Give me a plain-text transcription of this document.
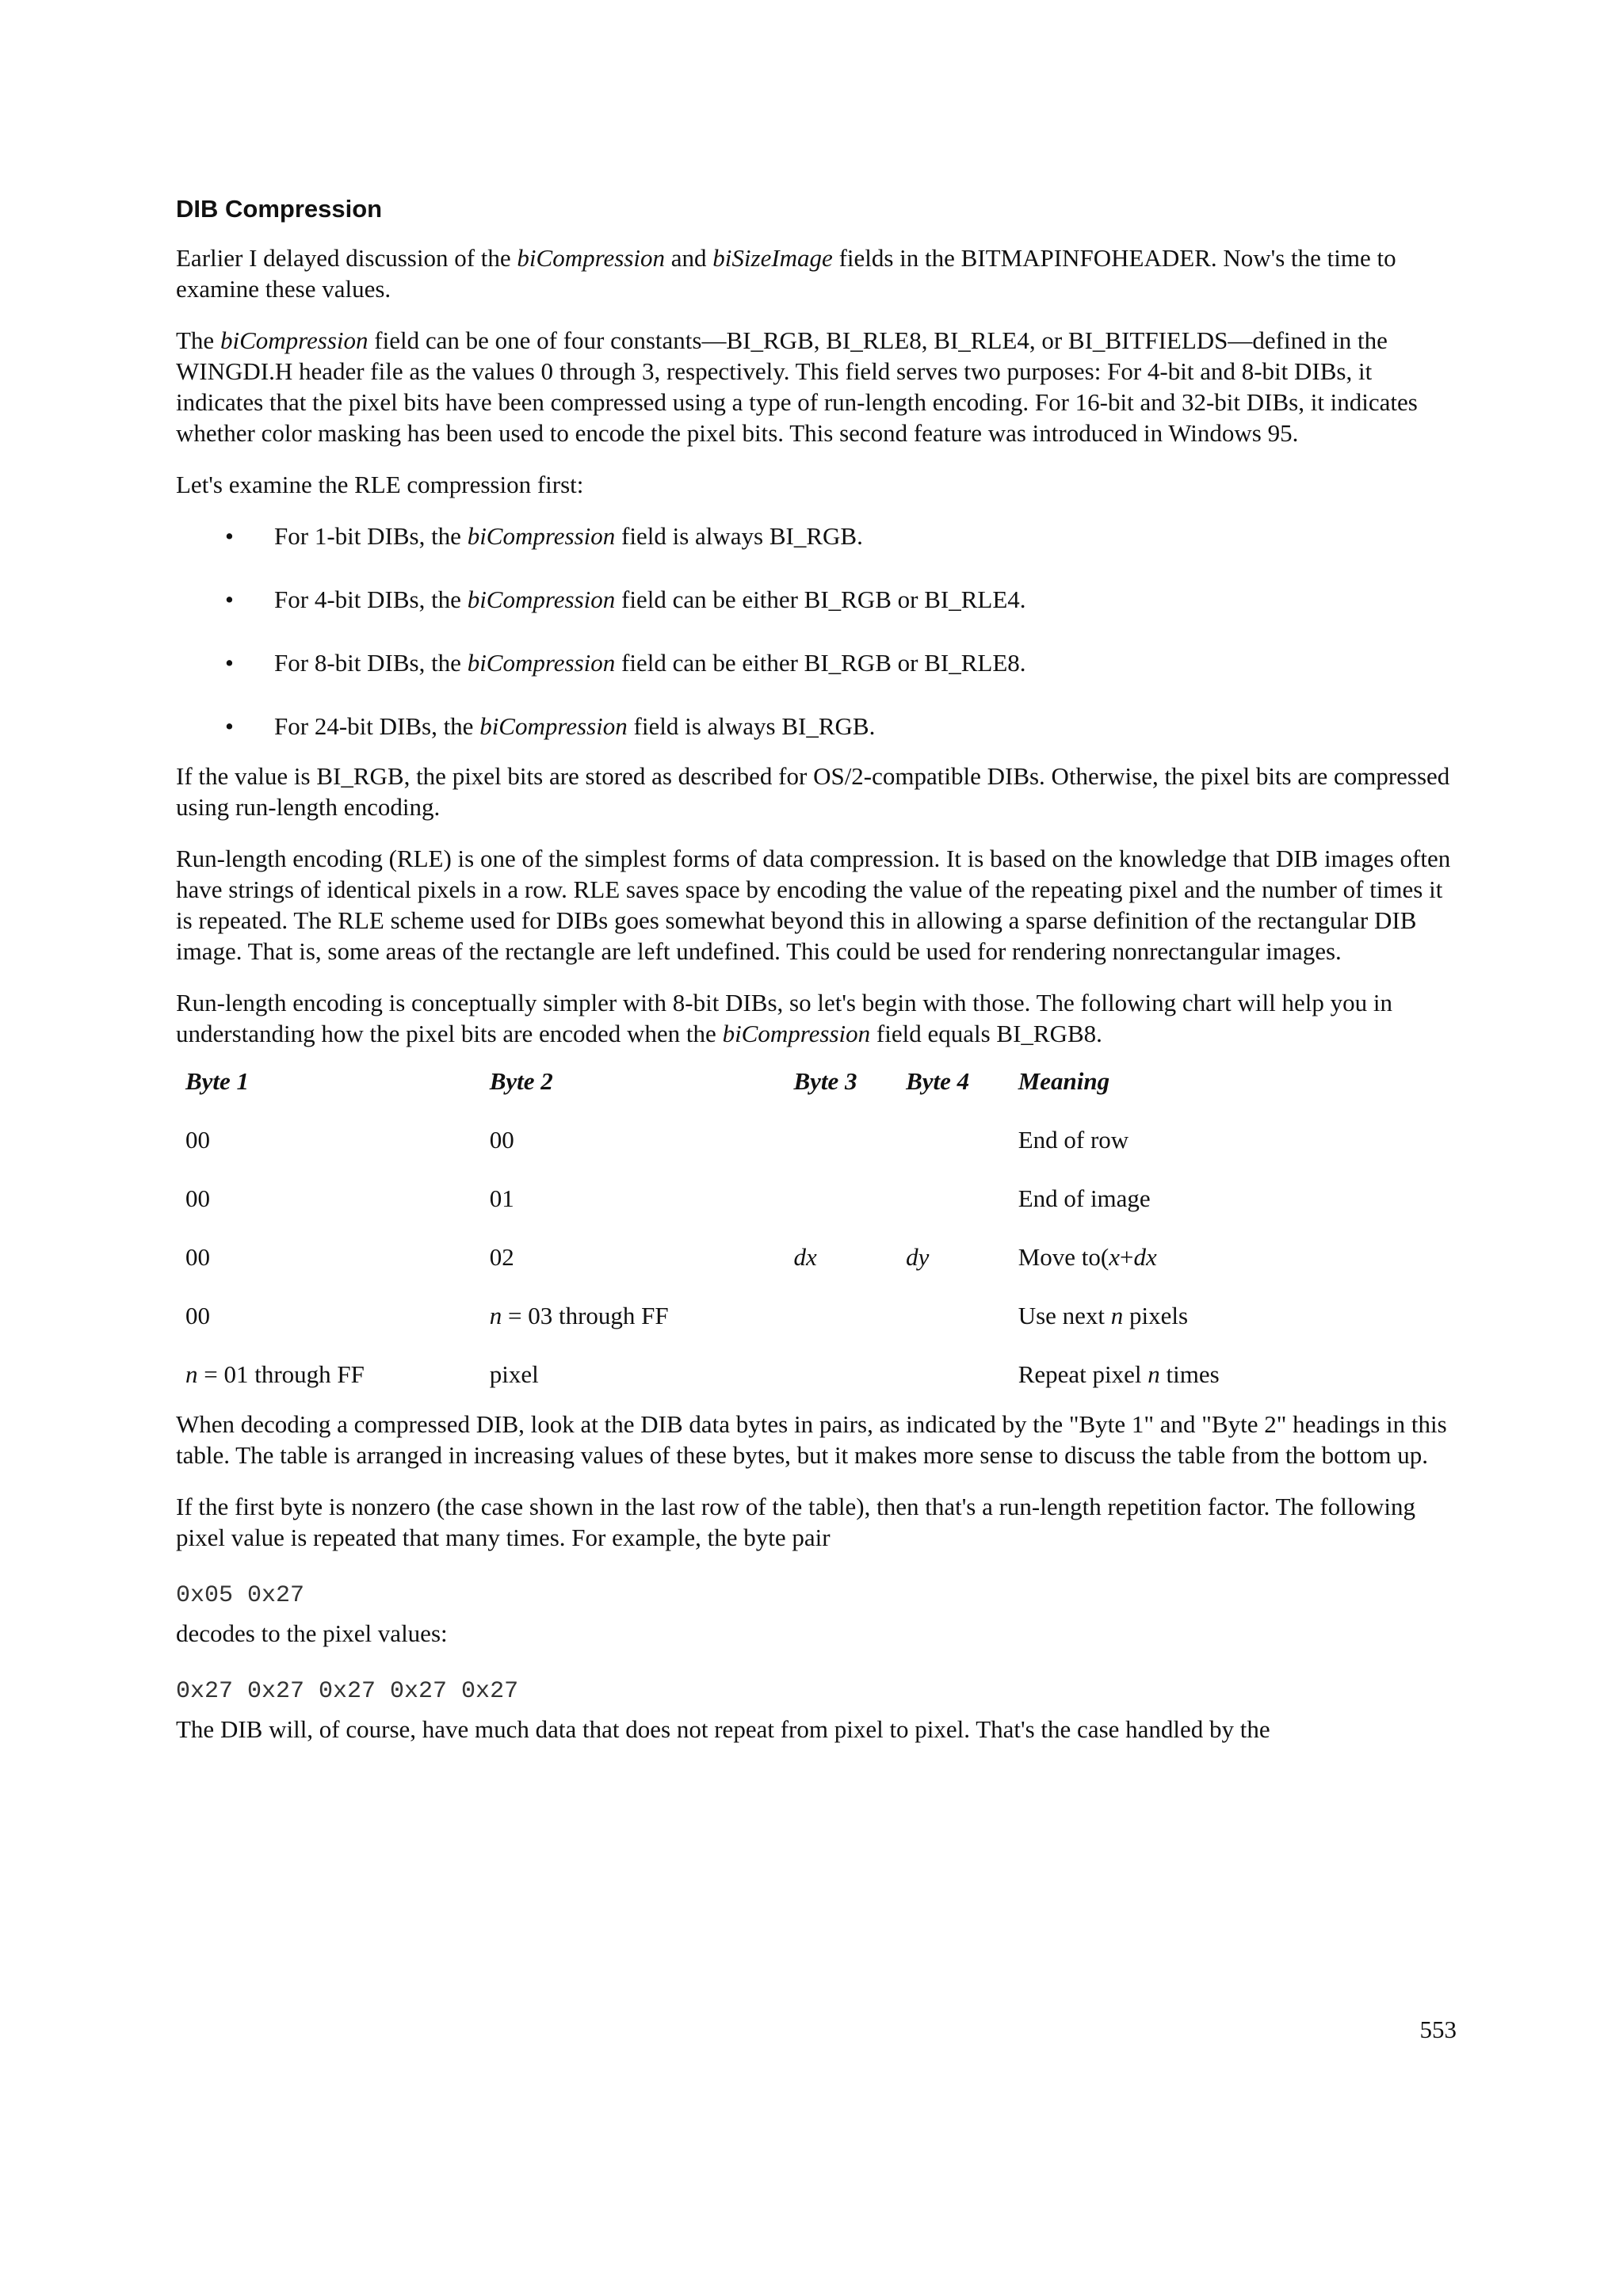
DIB Compression

Earlier I delayed discussion of the biCompression and biSizeImage fields in the BITMAPINFOHEADER. Now's the time to examine these values.

The biCompression field can be one of four constants—BI_RGB, BI_RLE8, BI_RLE4, or BI_BITFIELDS—defined in the WINGDI.H header file as the values 0 through 3, respectively. This field serves two purposes: For 4-bit and 8-bit DIBs, it indicates that the pixel bits have been compressed using a type of run-length encoding. For 16-bit and 32-bit DIBs, it indicates whether color masking has been used to encode the pixel bits. This second feature was introduced in Windows 95.

Let's examine the RLE compression first:

• For 1-bit DIBs, the biCompression field is always BI_RGB.
• For 4-bit DIBs, the biCompression field can be either BI_RGB or BI_RLE4.
• For 8-bit DIBs, the biCompression field can be either BI_RGB or BI_RLE8.
• For 24-bit DIBs, the biCompression field is always BI_RGB.

If the value is BI_RGB, the pixel bits are stored as described for OS/2-compatible DIBs. Otherwise, the pixel bits are compressed using run-length encoding.

Run-length encoding (RLE) is one of the simplest forms of data compression. It is based on the knowledge that DIB images often have strings of identical pixels in a row. RLE saves space by encoding the value of the repeating pixel and the number of times it is repeated. The RLE scheme used for DIBs goes somewhat beyond this in allowing a sparse definition of the rectangular DIB image. That is, some areas of the rectangle are left undefined. This could be used for rendering nonrectangular images.

Run-length encoding is conceptually simpler with 8-bit DIBs, so let's begin with those. The following chart will help you in understanding how the pixel bits are encoded when the biCompression field equals BI_RGB8.

Byte 1	Byte 2	Byte 3	Byte 4	Meaning
00	00			End of row
00	01			End of image
00	02	dx	dy	Move to(x+dx
00	n = 03 through FF			Use next n pixels
n = 01 through FF	pixel			Repeat pixel n times

When decoding a compressed DIB, look at the DIB data bytes in pairs, as indicated by the "Byte 1" and "Byte 2" headings in this table. The table is arranged in increasing values of these bytes, but it makes more sense to discuss the table from the bottom up.

If the first byte is nonzero (the case shown in the last row of the table), then that's a run-length repetition factor. The following pixel value is repeated that many times. For example, the byte pair

0x05 0x27

decodes to the pixel values:

0x27 0x27 0x27 0x27 0x27

The DIB will, of course, have much data that does not repeat from pixel to pixel. That's the case handled by the

553
